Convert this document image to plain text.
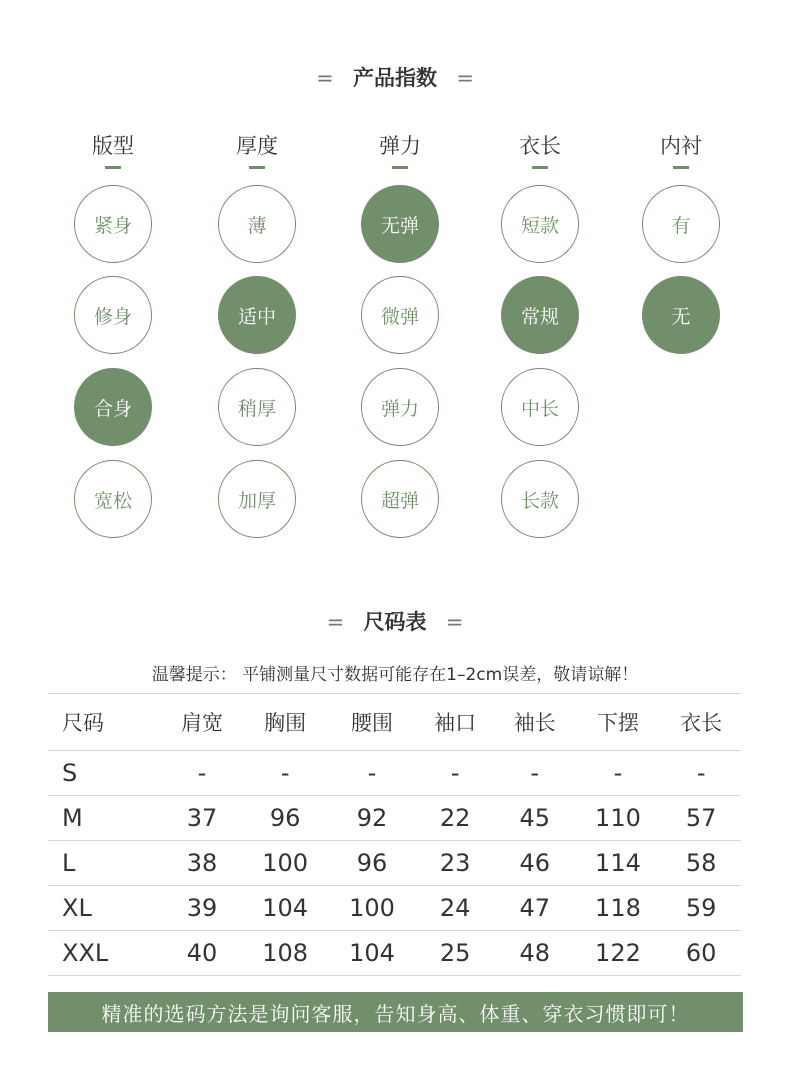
= 产品指数 =
版型
紧身
修身
合身
宽松
厚度
薄
适中
稍厚
加厚
弹力
无弹
微弹
弹力
超弹
衣长
短款
常规
中长
长款
内衬
有
无
= 尺码表 =
温馨提示： 平铺测量尺寸数据可能存在1–2cm误差，敬请谅解！
尺码	肩宽	胸围	腰围	袖口	袖长	下摆	衣长
S	-	-	-	-	-	-	-
M	37	96	92	22	45	110	57
L	38	100	96	23	46	114	58
XL	39	104	100	24	47	118	59
XXL	40	108	104	25	48	122	60
精准的选码方法是询问客服，告知身高、体重、穿衣习惯即可！
